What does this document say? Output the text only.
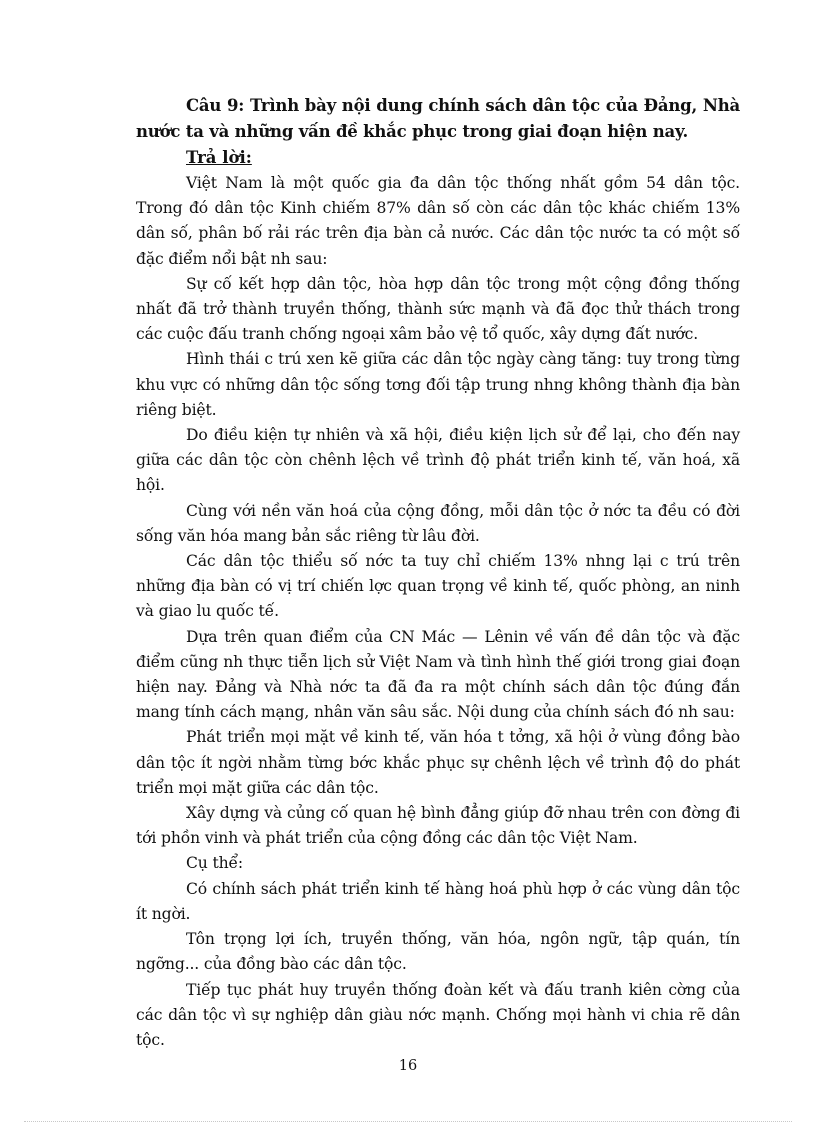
Câu 9: Trình bày nội dung chính sách dân tộc của Đảng, Nhà nước ta và những vấn đề khắc phục trong giai đoạn hiện nay.

Trả lời:

Việt Nam là một quốc gia đa dân tộc thống nhất gồm 54 dân tộc. Trong đó dân tộc Kinh chiếm 87% dân số còn các dân tộc khác chiếm 13% dân số, phân bố rải rác trên địa bàn cả nước. Các dân tộc nước ta có một số đặc điểm nổi bật nh sau:

Sự cố kết hợp dân tộc, hòa hợp dân tộc trong một cộng đồng thống nhất đã trở thành truyền thống, thành sức mạnh và đã đọc thử thách trong các cuộc đấu tranh chống ngoại xâm bảo vệ tổ quốc, xây dựng đất nước.

Hình thái c trú xen kẽ giữa các dân tộc ngày càng tăng: tuy trong từng khu vực có những dân tộc sống tơng đối tập trung nhng không thành địa bàn riêng biệt.

Do điều kiện tự nhiên và xã hội, điều kiện lịch sử để lại, cho đến nay giữa các dân tộc còn chênh lệch về trình độ phát triển kinh tế, văn hoá, xã hội.

Cùng với nền văn hoá của cộng đồng, mỗi dân tộc ở nớc ta đều có đời sống văn hóa mang bản sắc riêng từ lâu đời.

Các dân tộc thiểu số nớc ta tuy chỉ chiếm 13% nhng lại c trú trên những địa bàn có vị trí chiến lợc quan trọng về kinh tế, quốc phòng, an ninh và giao lu quốc tế.

Dựa trên quan điểm của CN Mác — Lênin về vấn đề dân tộc và đặc điểm cũng nh thực tiễn lịch sử Việt Nam và tình hình thế giới trong giai đoạn hiện nay. Đảng và Nhà nớc ta đã đa ra một chính sách dân tộc đúng đắn mang tính cách mạng, nhân văn sâu sắc. Nội dung của chính sách đó nh sau:

Phát triển mọi mặt về kinh tế, văn hóa t tởng, xã hội ở vùng đồng bào dân tộc ít ngời nhằm từng bớc khắc phục sự chênh lệch về trình độ do phát triển mọi mặt giữa các dân tộc.

Xây dựng và củng cố quan hệ bình đẳng giúp đỡ nhau trên con đờng đi tới phồn vinh và phát triển của cộng đồng các dân tộc Việt Nam.

Cụ thể:

Có chính sách phát triển kinh tế hàng hoá phù hợp ở các vùng dân tộc ít ngời.

Tôn trọng lợi ích, truyền thống, văn hóa, ngôn ngữ, tập quán, tín ngỡng... của đồng bào các dân tộc.

Tiếp tục phát huy truyền thống đoàn kết và đấu tranh kiên cờng của các dân tộc vì sự nghiệp dân giàu nớc mạnh. Chống mọi hành vi chia rẽ dân tộc.

16
